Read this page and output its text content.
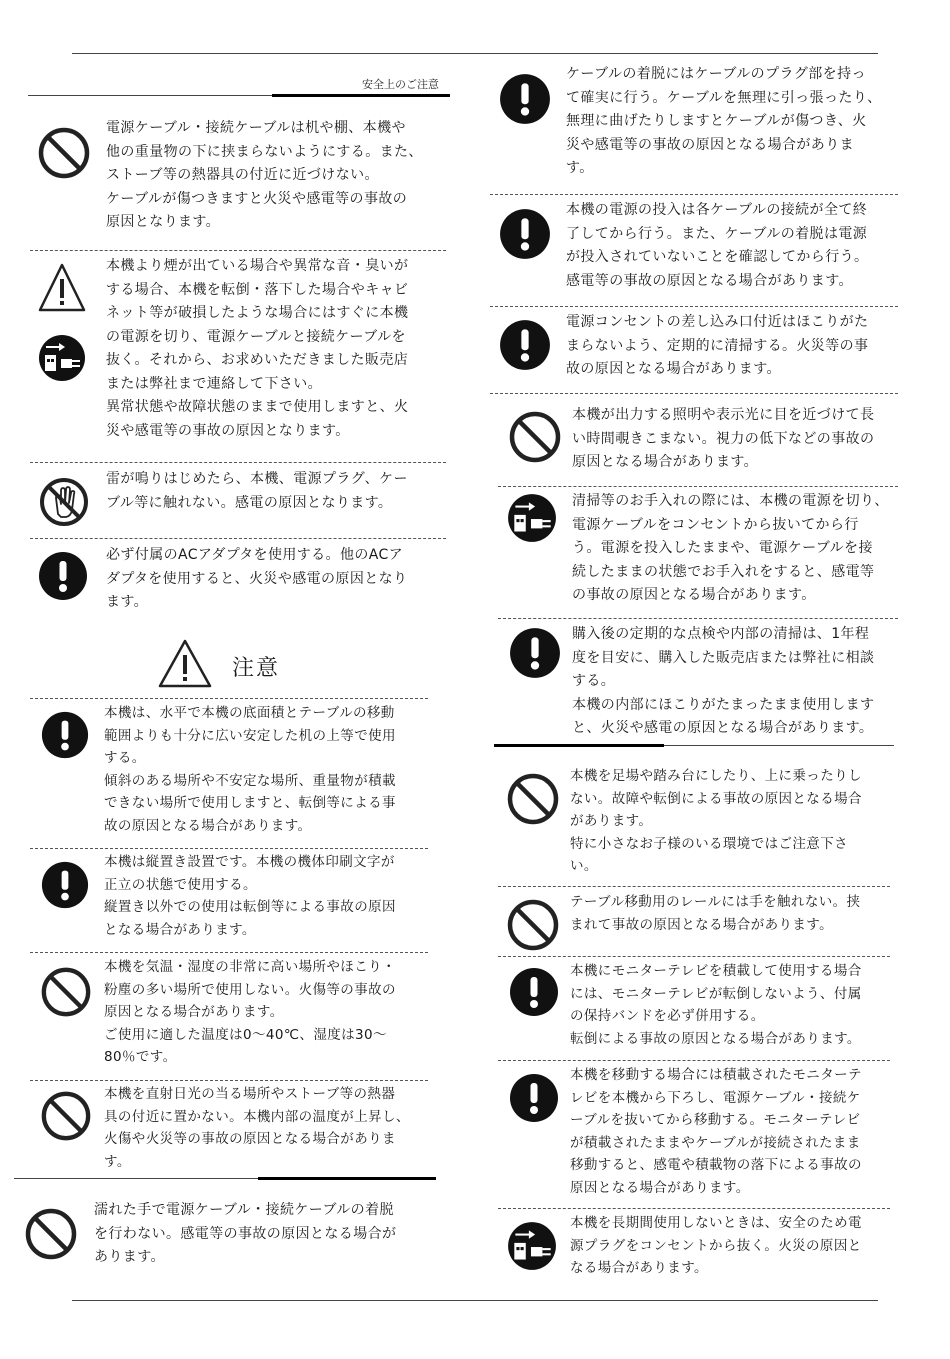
安全上のご注意

電源ケーブル・接続ケーブルは机や棚、本機や

他の重量物の下に挟まらないようにする。また、

ストーブ等の熱器具の付近に近づけない。

ケーブルが傷つきますと火災や感電等の事故の

原因となります。

本機より煙が出ている場合や異常な音・臭いが

する場合、本機を転倒・落下した場合やキャビ

ネット等が破損したような場合にはすぐに本機

の電源を切り、電源ケーブルと接続ケーブルを

抜く。それから、お求めいただきました販売店

または弊社まで連絡して下さい。

異常状態や故障状態のままで使用しますと、火

災や感電等の事故の原因となります。

雷が鳴りはじめたら、本機、電源プラグ、ケー

ブル等に触れない。感電の原因となります。

必ず付属のACアダプタを使用する。他のACア

ダプタを使用すると、火災や感電の原因となり

ます。

注意

本機は、水平で本機の底面積とテーブルの移動

範囲よりも十分に広い安定した机の上等で使用

する。

傾斜のある場所や不安定な場所、重量物が積載

できない場所で使用しますと、転倒等による事

故の原因となる場合があります。

本機は縦置き設置です。本機の機体印刷文字が

正立の状態で使用する。

縦置き以外での使用は転倒等による事故の原因

となる場合があります。

本機を気温・湿度の非常に高い場所やほこり・

粉塵の多い場所で使用しない。火傷等の事故の

原因となる場合があります。

ご使用に適した温度は0～40℃、湿度は30～

80％です。

本機を直射日光の当る場所やストーブ等の熱器

具の付近に置かない。本機内部の温度が上昇し、

火傷や火災等の事故の原因となる場合がありま

す。

濡れた手で電源ケーブル・接続ケーブルの着脱

を行わない。感電等の事故の原因となる場合が

あります。

ケーブルの着脱にはケーブルのプラグ部を持っ

て確実に行う。ケーブルを無理に引っ張ったり、

無理に曲げたりしますとケーブルが傷つき、火

災や感電等の事故の原因となる場合がありま

す。

本機の電源の投入は各ケーブルの接続が全て終

了してから行う。また、ケーブルの着脱は電源

が投入されていないことを確認してから行う。

感電等の事故の原因となる場合があります。

電源コンセントの差し込み口付近はほこりがた

まらないよう、定期的に清掃する。火災等の事

故の原因となる場合があります。

本機が出力する照明や表示光に目を近づけて長

い時間覗きこまない。視力の低下などの事故の

原因となる場合があります。

清掃等のお手入れの際には、本機の電源を切り、

電源ケーブルをコンセントから抜いてから行

う。電源を投入したままや、電源ケーブルを接

続したままの状態でお手入れをすると、感電等

の事故の原因となる場合があります。

購入後の定期的な点検や内部の清掃は、1年程

度を目安に、購入した販売店または弊社に相談

する。

本機の内部にほこりがたまったまま使用します

と、火災や感電の原因となる場合があります。

本機を足場や踏み台にしたり、上に乗ったりし

ない。故障や転倒による事故の原因となる場合

があります。

特に小さなお子様のいる環境ではご注意下さ

い。

テーブル移動用のレールには手を触れない。挟

まれて事故の原因となる場合があります。

本機にモニターテレビを積載して使用する場合

には、モニターテレビが転倒しないよう、付属

の保持バンドを必ず併用する。

転倒による事故の原因となる場合があります。

本機を移動する場合には積載されたモニターテ

レビを本機から下ろし、電源ケーブル・接続ケ

ーブルを抜いてから移動する。モニターテレビ

が積載されたままやケーブルが接続されたまま

移動すると、感電や積載物の落下による事故の

原因となる場合があります。

本機を長期間使用しないときは、安全のため電

源プラグをコンセントから抜く。火災の原因と

なる場合があります。
